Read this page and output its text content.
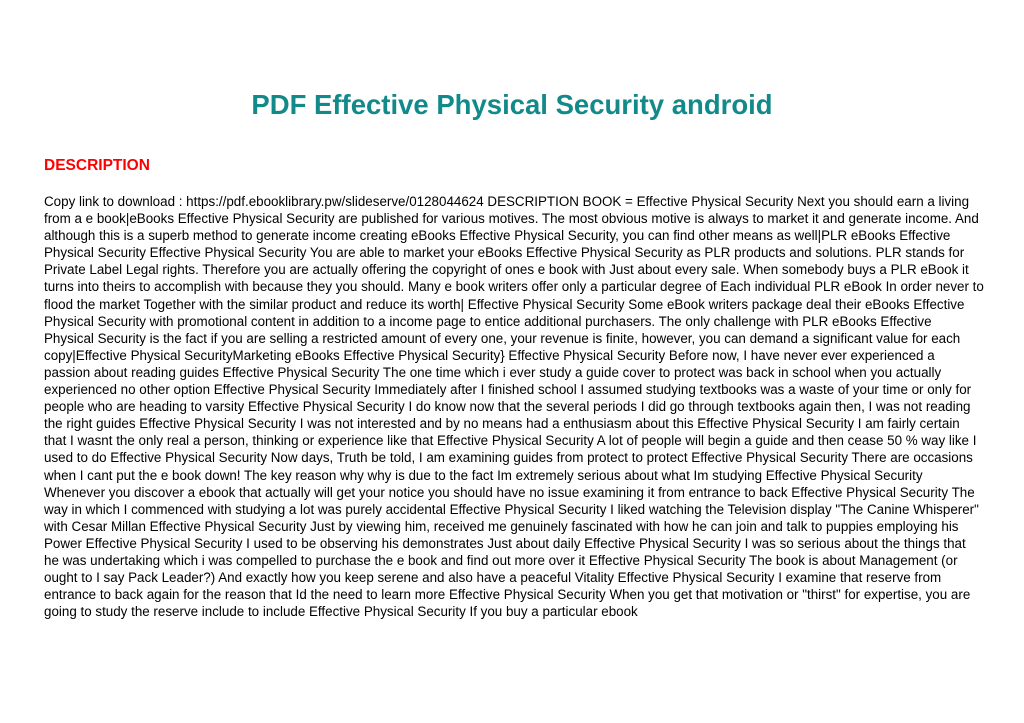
PDF Effective Physical Security android
DESCRIPTION

Copy link to download : https://pdf.ebooklibrary.pw/slideserve/0128044624 DESCRIPTION BOOK = Effective Physical Security Next you should earn a living from a e book|eBooks Effective Physical Security are published for various motives. The most obvious motive is always to market it and generate income. And although this is a superb method to generate income creating eBooks Effective Physical Security, you can find other means as well|PLR eBooks Effective Physical Security Effective Physical Security You are able to market your eBooks Effective Physical Security as PLR products and solutions. PLR stands for Private Label Legal rights. Therefore you are actually offering the copyright of ones e book with Just about every sale. When somebody buys a PLR eBook it turns into theirs to accomplish with because they you should. Many e book writers offer only a particular degree of Each individual PLR eBook In order never to flood the market Together with the similar product and reduce its worth| Effective Physical Security Some eBook writers package deal their eBooks Effective Physical Security with promotional content in addition to a income page to entice additional purchasers. The only challenge with PLR eBooks Effective Physical Security is the fact if you are selling a restricted amount of every one, your revenue is finite, however, you can demand a significant value for each copy|Effective Physical SecurityMarketing eBooks Effective Physical Security} Effective Physical Security Before now, I have never ever experienced a passion about reading guides Effective Physical Security The one time which i ever study a guide cover to protect was back in school when you actually experienced no other option Effective Physical Security Immediately after I finished school I assumed studying textbooks was a waste of your time or only for people who are heading to varsity Effective Physical Security I do know now that the several periods I did go through textbooks again then, I was not reading the right guides Effective Physical Security I was not interested and by no means had a enthusiasm about this Effective Physical Security I am fairly certain that I wasnt the only real a person, thinking or experience like that Effective Physical Security A lot of people will begin a guide and then cease 50 % way like I used to do Effective Physical Security Now days, Truth be told, I am examining guides from protect to protect Effective Physical Security There are occasions when I cant put the e book down! The key reason why why is due to the fact Im extremely serious about what Im studying Effective Physical Security Whenever you discover a ebook that actually will get your notice you should have no issue examining it from entrance to back Effective Physical Security The way in which I commenced with studying a lot was purely accidental Effective Physical Security I liked watching the Television display "The Canine Whisperer" with Cesar Millan Effective Physical Security Just by viewing him, received me genuinely fascinated with how he can join and talk to puppies employing his Power Effective Physical Security I used to be observing his demonstrates Just about daily Effective Physical Security I was so serious about the things that he was undertaking which i was compelled to purchase the e book and find out more over it Effective Physical Security The book is about Management (or ought to I say Pack Leader?) And exactly how you keep serene and also have a peaceful Vitality Effective Physical Security I examine that reserve from entrance to back again for the reason that Id the need to learn more Effective Physical Security When you get that motivation or "thirst" for expertise, you are going to study the reserve include to include Effective Physical Security If you buy a particular ebook
